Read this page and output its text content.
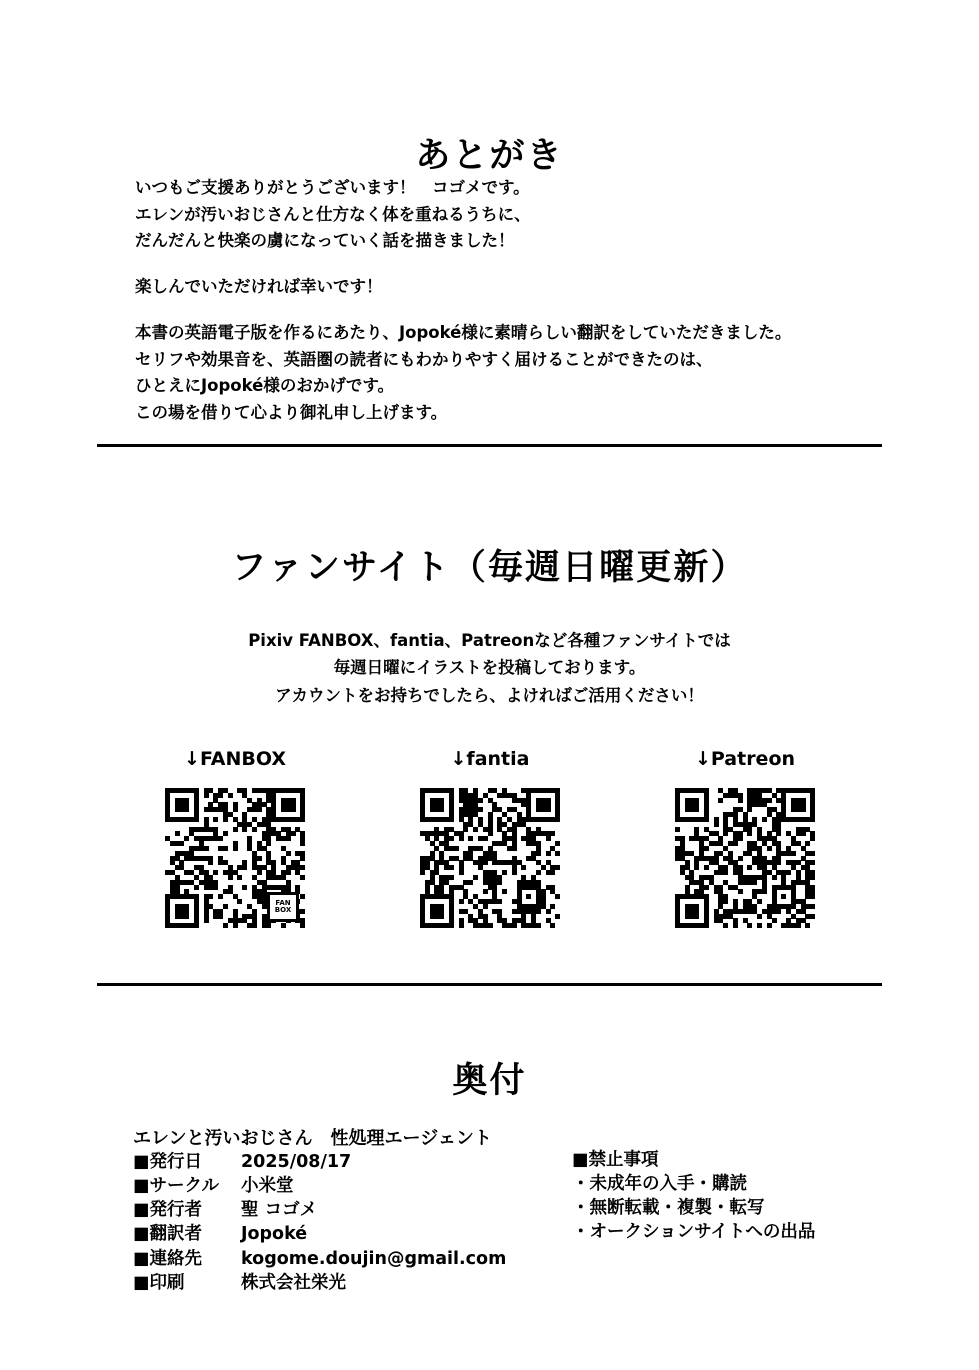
あとがき

いつもご支援ありがとうございます！　コゴメです。

エレンが汚いおじさんと仕方なく体を重ねるうちに、

だんだんと快楽の虜になっていく話を描きました！

楽しんでいただければ幸いです！

本書の英語電子版を作るにあたり、Jopoké様に素晴らしい翻訳をしていただきました。

セリフや効果音を、英語圏の読者にもわかりやすく届けることができたのは、

ひとえにJopoké様のおかげです。

この場を借りて心より御礼申し上げます。

ファンサイト（毎週日曜更新）

Pixiv FANBOX、fantia、Patreonなど各種ファンサイトでは

毎週日曜にイラストを投稿しております。

アカウントをお持ちでしたら、よければご活用ください！

↓FANBOX
FAN
BOX
↓fantia	↓Patreon
奥付
エレンと汚いおじさん　性処理エージェント
■発行日	2025/08/17
■サークル	小米堂
■発行者	聖 コゴメ
■翻訳者	Jopoké
■連絡先	kogome.doujin@gmail.com
■印刷	株式会社栄光
■禁止事項
・未成年の入手・購読
・無断転載・複製・転写
・オークションサイトへの出品
